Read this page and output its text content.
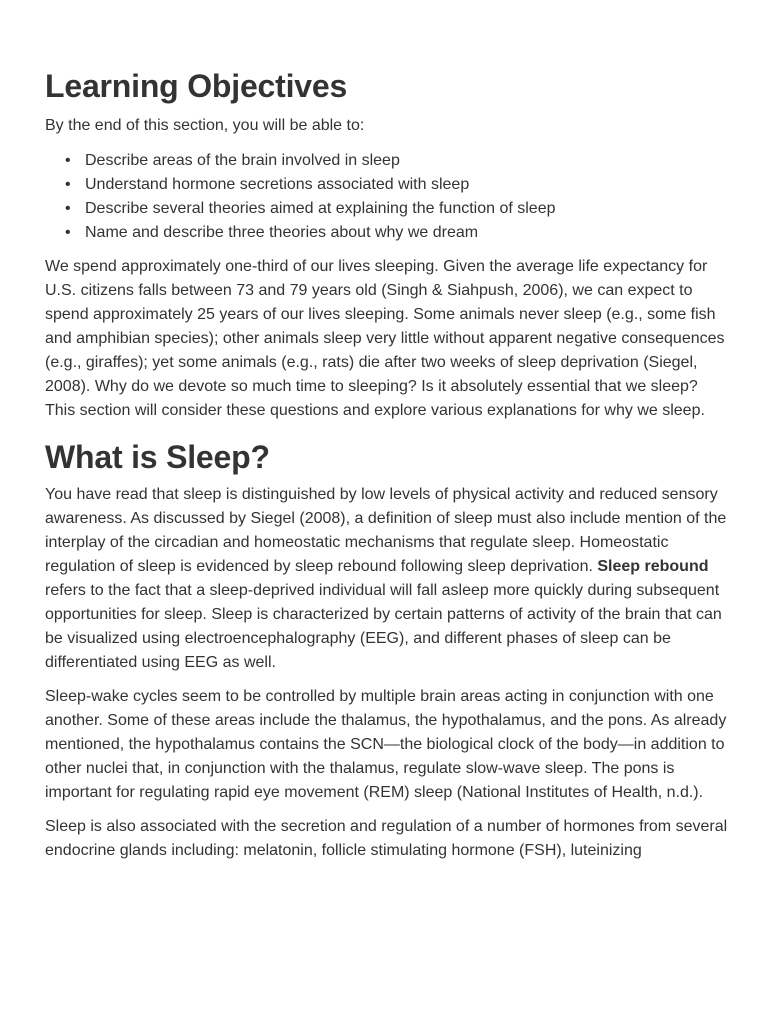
Learning Objectives

By the end of this section, you will be able to:

• Describe areas of the brain involved in sleep
• Understand hormone secretions associated with sleep
• Describe several theories aimed at explaining the function of sleep
• Name and describe three theories about why we dream

We spend approximately one-third of our lives sleeping. Given the average life expectancy for U.S. citizens falls between 73 and 79 years old (Singh & Siahpush, 2006), we can expect to spend approximately 25 years of our lives sleeping. Some animals never sleep (e.g., some fish and amphibian species); other animals sleep very little without apparent negative consequences (e.g., giraffes); yet some animals (e.g., rats) die after two weeks of sleep deprivation (Siegel, 2008). Why do we devote so much time to sleeping? Is it absolutely essential that we sleep? This section will consider these questions and explore various explanations for why we sleep.

What is Sleep?

You have read that sleep is distinguished by low levels of physical activity and reduced sensory awareness. As discussed by Siegel (2008), a definition of sleep must also include mention of the interplay of the circadian and homeostatic mechanisms that regulate sleep. Homeostatic regulation of sleep is evidenced by sleep rebound following sleep deprivation. Sleep rebound refers to the fact that a sleep-deprived individual will fall asleep more quickly during subsequent opportunities for sleep. Sleep is characterized by certain patterns of activity of the brain that can be visualized using electroencephalography (EEG), and different phases of sleep can be differentiated using EEG as well.

Sleep-wake cycles seem to be controlled by multiple brain areas acting in conjunction with one another. Some of these areas include the thalamus, the hypothalamus, and the pons. As already mentioned, the hypothalamus contains the SCN—the biological clock of the body—in addition to other nuclei that, in conjunction with the thalamus, regulate slow-wave sleep. The pons is important for regulating rapid eye movement (REM) sleep (National Institutes of Health, n.d.).

Sleep is also associated with the secretion and regulation of a number of hormones from several endocrine glands including: melatonin, follicle stimulating hormone (FSH), luteinizing
